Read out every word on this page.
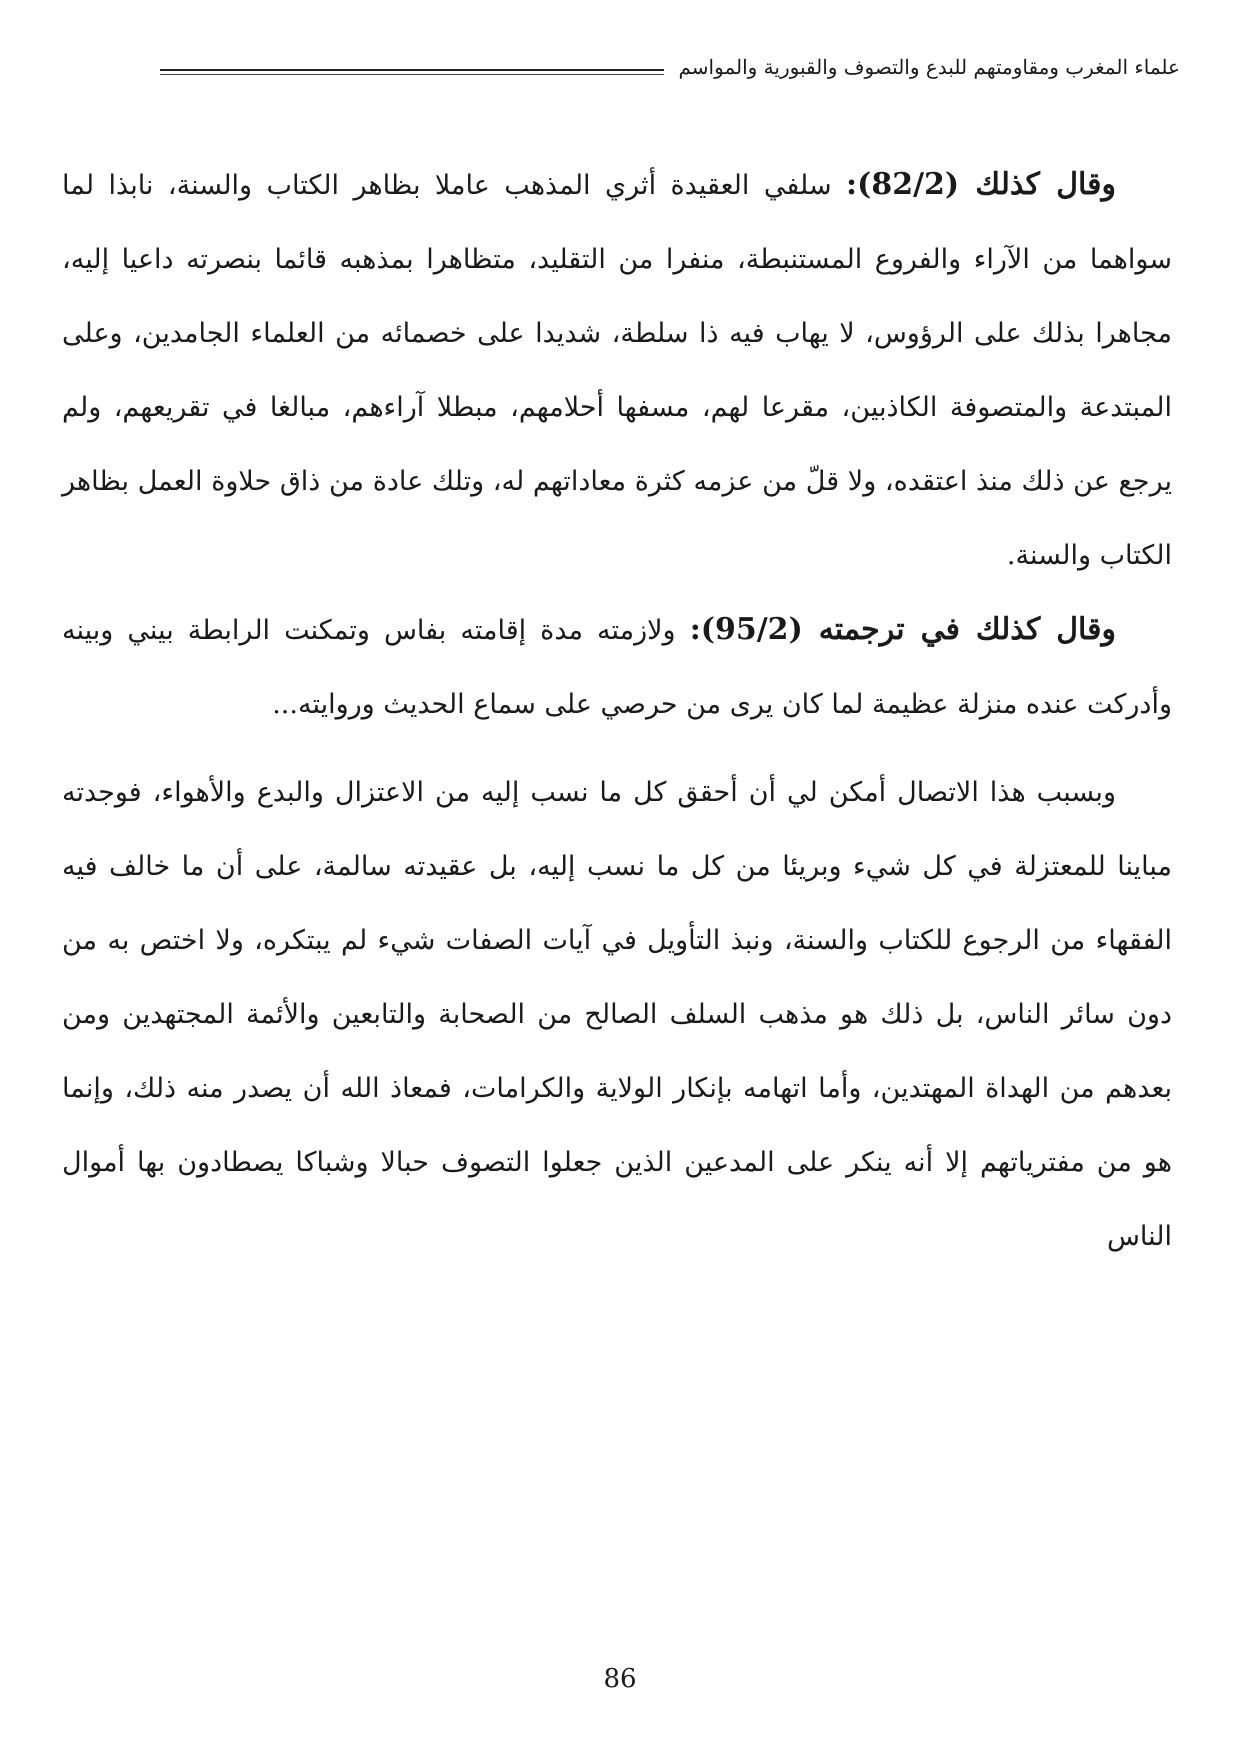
علماء المغرب ومقاومتهم للبدع والتصوف والقبورية والمواسم

وقال كذلك (82/2): سلفي العقيدة أثري المذهب عاملا بظاهر الكتاب والسنة، نابذا لما سواهما من الآراء والفروع المستنبطة، منفرا من التقليد، متظاهرا بمذهبه قائما بنصرته داعيا إليه، مجاهرا بذلك على الرؤوس، لا يهاب فيه ذا سلطة، شديدا على خصمائه من العلماء الجامدين، وعلى المبتدعة والمتصوفة الكاذبين، مقرعا لهم، مسفها أحلامهم، مبطلا آراءهم، مبالغا في تقريعهم، ولم يرجع عن ذلك منذ اعتقده، ولا قلّ من عزمه كثرة معاداتهم له، وتلك عادة من ذاق حلاوة العمل بظاهر الكتاب والسنة.

وقال كذلك في ترجمته (95/2): ولازمته مدة إقامته بفاس وتمكنت الرابطة بيني وبينه وأدركت عنده منزلة عظيمة لما كان يرى من حرصي على سماع الحديث وروايته...

وبسبب هذا الاتصال أمكن لي أن أحقق كل ما نسب إليه من الاعتزال والبدع والأهواء، فوجدته مباينا للمعتزلة في كل شيء وبريئا من كل ما نسب إليه، بل عقيدته سالمة، على أن ما خالف فيه الفقهاء من الرجوع للكتاب والسنة، ونبذ التأويل في آيات الصفات شيء لم يبتكره، ولا اختص به من دون سائر الناس، بل ذلك هو مذهب السلف الصالح من الصحابة والتابعين والأئمة المجتهدين ومن بعدهم من الهداة المهتدين، وأما اتهامه بإنكار الولاية والكرامات، فمعاذ الله أن يصدر منه ذلك، وإنما هو من مفترياتهم إلا أنه ينكر على المدعين الذين جعلوا التصوف حبالا وشباكا يصطادون بها أموال الناس

86
